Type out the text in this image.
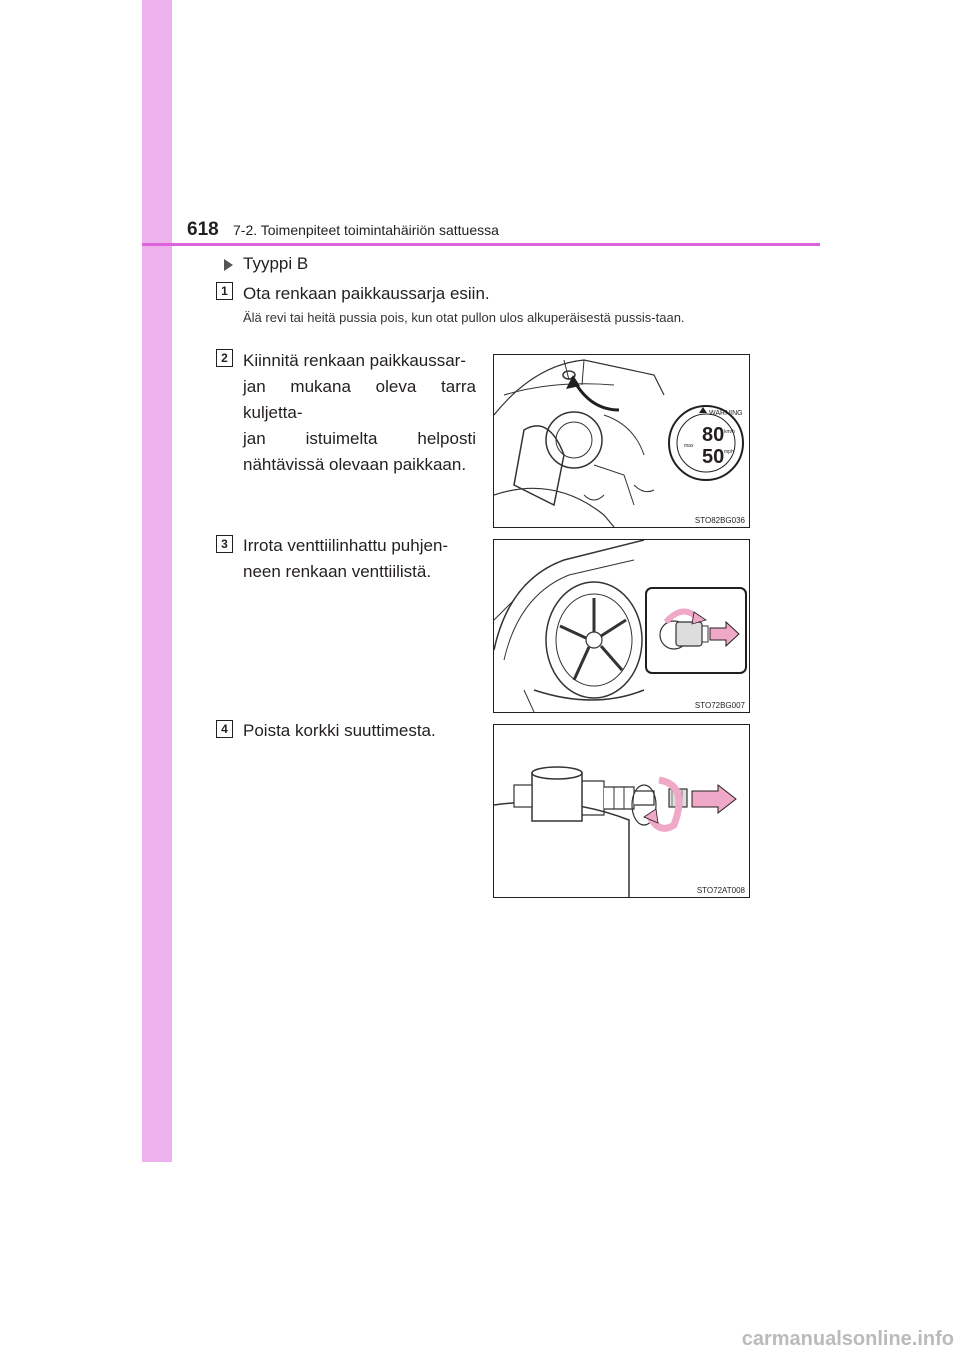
618 7-2. Toimenpiteet toimintahäiriön sattuessa
Tyyppi B
1 Ota renkaan paikkaussarja esiin.
Älä revi tai heitä pussia pois, kun otat pullon ulos alkuperäisestä pussis-taan.
2 Kiinnitä renkaan paikkaussar-
jan mukana oleva tarra kuljetta-
jan istuimelta helposti
nähtävissä olevaan paikkaan.
80
50
km/h
mph
max
WARNING
STO82BG036
3 Irrota venttiilinhattu puhjen-
neen renkaan venttiilistä.
STO72BG007
4 Poista korkki suuttimesta.
STO72AT008
carmanualsonline.info
